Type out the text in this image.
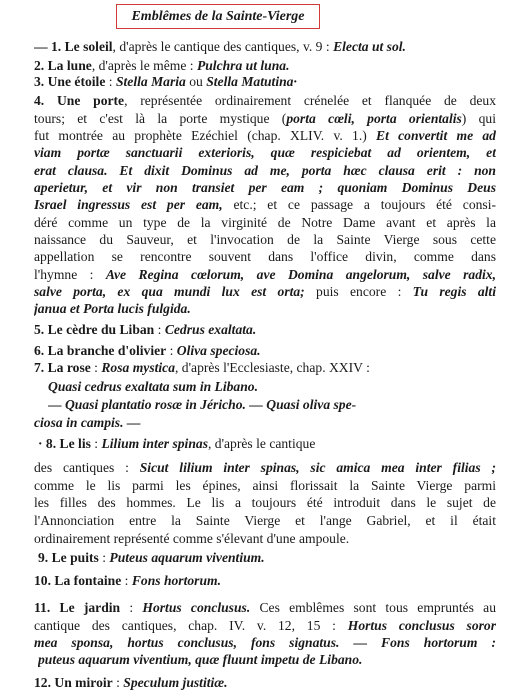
Emblêmes de la Sainte-Vierge
— 1. Le soleil, d'après le cantique des cantiques, v. 9 : Electa ut sol.
2. La lune, d'après le même : Pulchra ut luna.
3. Une étoile : Stella Maria ou Stella Matutina·
4. Une porte, représentée ordinairement crénelée et flanquée de deux
tours; et c'est là la porte mystique (porta cœli, porta orientalis) qui
fut montrée au prophète Ezéchiel (chap. XLIV. v. 1.) Et convertit me ad
viam portæ sanctuarii exterioris, quæ respiciebat ad orientem, et
erat clausa. Et dixit Dominus ad me, porta hæc clausa erit : non
aperietur, et vir non transiet per eam ; quoniam Dominus Deus
Israel ingressus est per eam, etc.; et ce passage a toujours été consi-
déré comme un type de la virginité de Notre Dame avant et après la
naissance du Sauveur, et l'invocation de la Sainte Vierge sous cette
appellation se rencontre souvent dans l'office divin, comme dans
l'hymne : Ave Regina cœlorum, ave Domina angelorum, salve radix,
salve porta, ex qua mundi lux est orta; puis encore : Tu regis alti
janua et Porta lucis fulgida.
5. Le cèdre du Liban : Cedrus exaltata.
6. La branche d'olivier : Oliva speciosa.
7. La rose : Rosa mystica, d'après l'Ecclesiaste, chap. XXIV :
Quasi cedrus exaltata sum in Libano.
— Quasi plantatio rosæ in Jéricho. — Quasi oliva spe-
ciosa in campis. —
· 8. Le lis : Lilium inter spinas, d'après le cantique
des cantiques : Sicut lilium inter spinas, sic amica mea inter filias ;
comme le lis parmi les épines, ainsi florissait la Sainte Vierge parmi
les filles des hommes. Le lis a toujours été introduit dans le sujet de
l'Annonciation entre la Sainte Vierge et l'ange Gabriel, et il était
ordinairement représenté comme s'élevant d'une ampoule.
9. Le puits : Puteus aquarum viventium.
10. La fontaine : Fons hortorum.
11. Le jardin : Hortus conclusus. Ces emblêmes sont tous empruntés au
cantique des cantiques, chap. IV. v. 12, 15 : Hortus conclusus soror
mea sponsa, hortus conclusus, fons signatus. — Fons hortorum :
puteus aquarum viventium, quæ fluunt impetu de Libano.
12. Un miroir : Speculum justitiæ.
